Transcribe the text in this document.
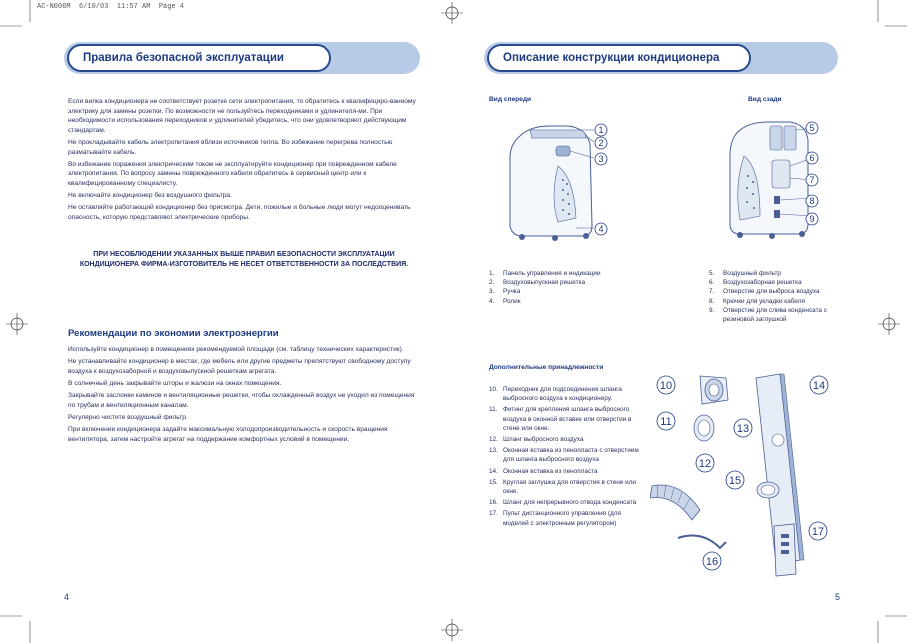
AC-N006M  6/10/03  11:57 AM  Page 4
Правила безопасной эксплуатации

Если вилка кондиционера не соответствует розетке сети электропитания, то обратитесь к квалифициро-ванному электрику для замены розетки. По возможности не пользуйтесь переходниками и удлинителя-ми. При необходимости использования переходников и удлинителей убедитесь, что они удовлетворяют действующим стандартам.

Не прокладывайте кабель электропитания вблизи источников тепла. Во избежание перегрева полностью разматывайте кабель.

Во избежание поражения электрическим током не эксплуатируйте кондиционер при поврежденном кабеле электропитания. По вопросу замены поврежденного кабеля обратитесь в сервисный центр или к квалифицированному специалисту.

Не включайте кондиционер без воздушного фильтра.

Не оставляйте работающий кондиционер без присмотра. Дети, пожилые и больные люди могут недооценивать опасность, которую представляют электрические приборы.

ПРИ НЕСОБЛЮДЕНИИ УКАЗАННЫХ ВЫШЕ ПРАВИЛ БЕЗОПАСНОСТИ ЭКСПЛУАТАЦИИ КОНДИЦИОНЕРА ФИРМА-ИЗГОТОВИТЕЛЬ НЕ НЕСЕТ ОТВЕТСТВЕННОСТИ ЗА ПОСЛЕДСТВИЯ.
Рекомендации по экономии электроэнергии

Используйте кондиционер в помещениях рекомендуемой площади (см. таблицу технических характеристик).

Не устанавливайте кондиционер в местах, где мебель или другие предметы препятствуют свободному доступу воздуха к воздухозаборной и воздуховыпускной решеткам агрегата.

В солнечный день закрывайте шторы и жалюзи на окнах помещения.

Закрывайте заслонки каминов и вентиляционные решетки, чтобы охлажденный воздух не уходил из помещения по трубам и вентиляционным каналам.

Регулярно чистите воздушный фильтр.

При включении кондиционера задайте максимальную холодопроизводительность и скорость вращения вентилятора, затем настройте агрегат на поддержание комфортных условий в помещении.

4
Описание конструкции кондиционера
Вид спереди	Вид сзади
1
2
3
4
5
6
7
8
9
1.	Панель управления и индикации
2.	Воздуховыпускная решетка
3.	Ручка
4.	Ролик
5.	Воздушный фильтр
6.	Воздухозаборная решетка
7.	Отверстие для выброса воздуха
8.	Крючки для укладки кабеля
9.	Отверстие для слива конденсата с резиновой заглушкой
Дополнительные принадлежности
10. Переходник для подсоединения шланга выбросного воздуха к кондиционеру.
11. Фитинг для крепления шланга выбросного воздуха в оконной вставке или отверстии в стене или окне.
12. Шланг выбросного воздуха
13. Оконная вставка из пенопласта с отверстием для шланга выбросного воздуха
14. Оконная вставка из пенопласта
15. Круглая заглушка для отверстия в стене или окне.
16. Шланг для непрерывного отвода конденсата
17. Пульт дистанционного управления (для моделей с электронным регулятором)
10
11
12
13
14
15
16
17
5
